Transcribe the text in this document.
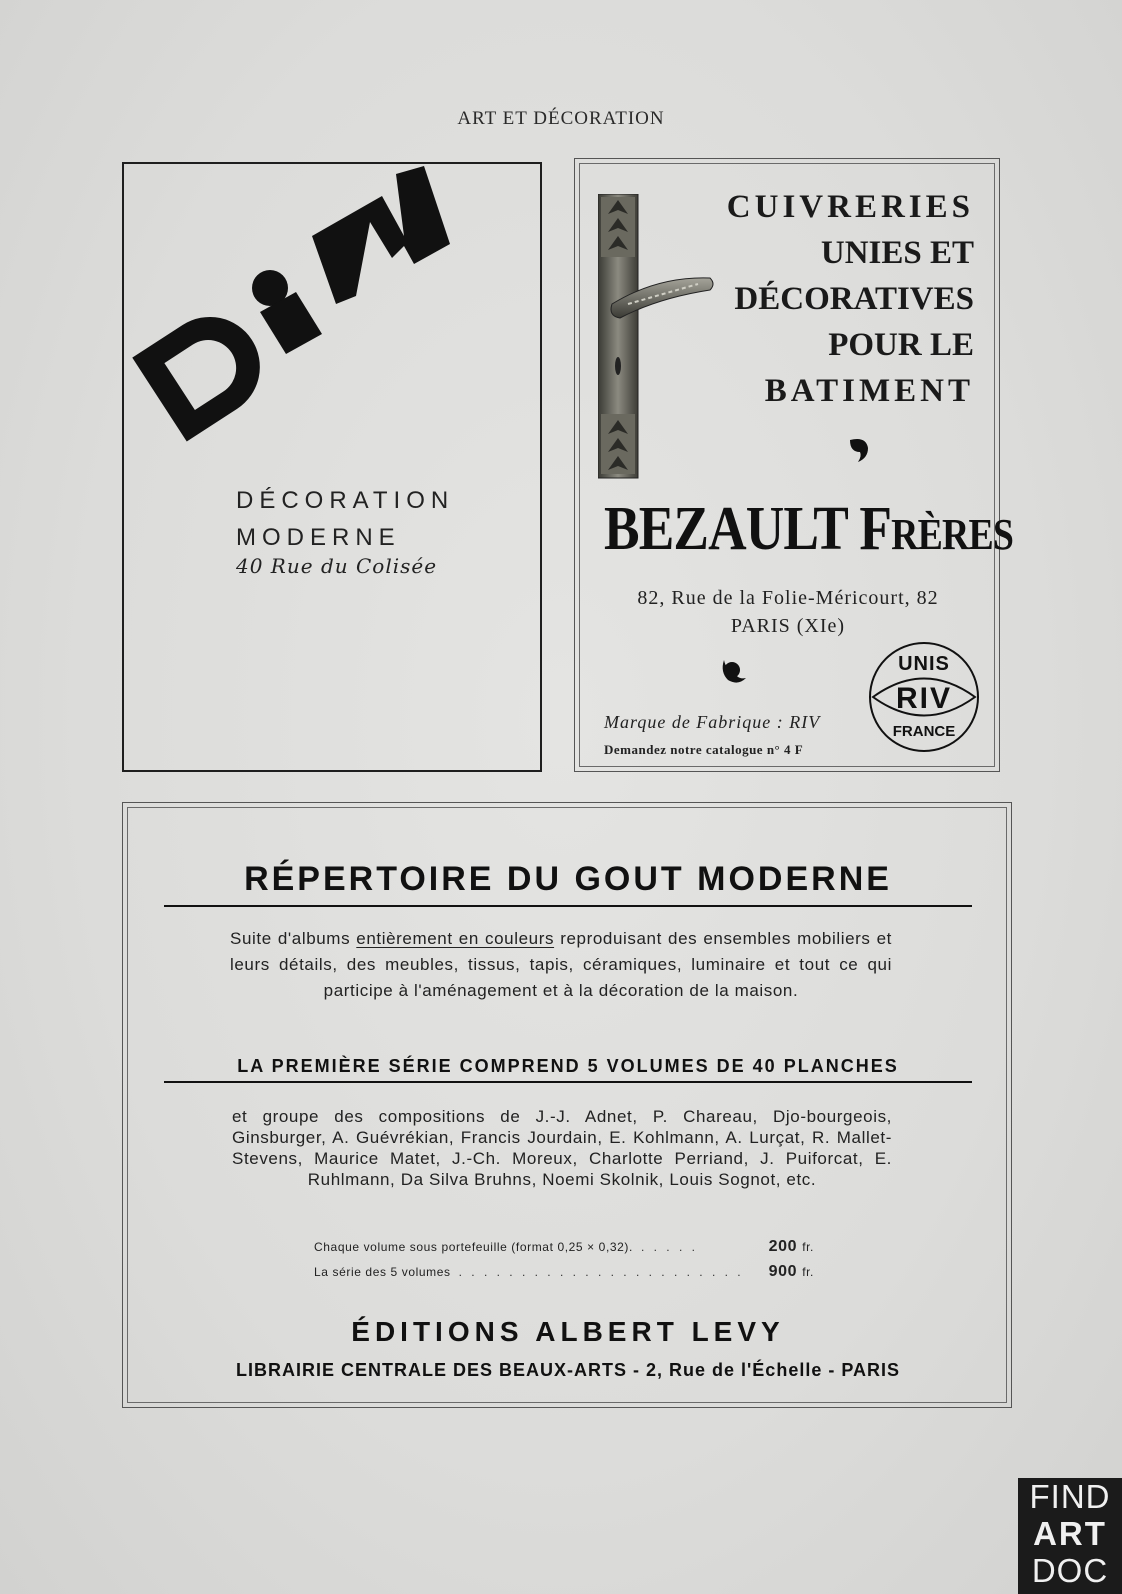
ART ET DÉCORATION
DÉCORATION
MODERNE
40 Rue du Colisée
CUIVRERIES
UNIES ET
DÉCORATIVES
POUR LE
BATIMENT
BEZAULT FRÈRES
82, Rue de la Folie-Méricourt, 82
PARIS (XIe)
Marque de Fabrique : RIV
Demandez notre catalogue n° 4 F
UNIS
RIV
FRANCE
RÉPERTOIRE DU GOUT MODERNE
Suite d'albums entièrement en couleurs reproduisant des ensembles mobiliers et leurs détails, des meubles, tissus, tapis, céramiques, luminaire et tout ce qui participe à l'aménagement et à la décoration de la maison.
LA PREMIÈRE SÉRIE COMPREND 5 VOLUMES DE 40 PLANCHES
et groupe des compositions de J.-J. Adnet, P. Chareau, Djo-bourgeois, Ginsburger, A. Guévrékian, Francis Jourdain, E. Kohlmann, A. Lurçat, R. Mallet-Stevens, Maurice Matet, J.-Ch. Moreux, Charlotte Perriand, J. Puiforcat, E. Ruhlmann, Da Silva Bruhns, Noemi Skolnik, Louis Sognot, etc.
Chaque volume sous portefeuille (format 0,25 × 0,32). . . . . .	200 fr.
La série des 5 volumes . . . . . . . . . . . . . . . . . . . . . . .	900 fr.
ÉDITIONS ALBERT LEVY
LIBRAIRIE CENTRALE DES BEAUX-ARTS - 2, Rue de l'Échelle - PARIS
FIND
ART
DOC
